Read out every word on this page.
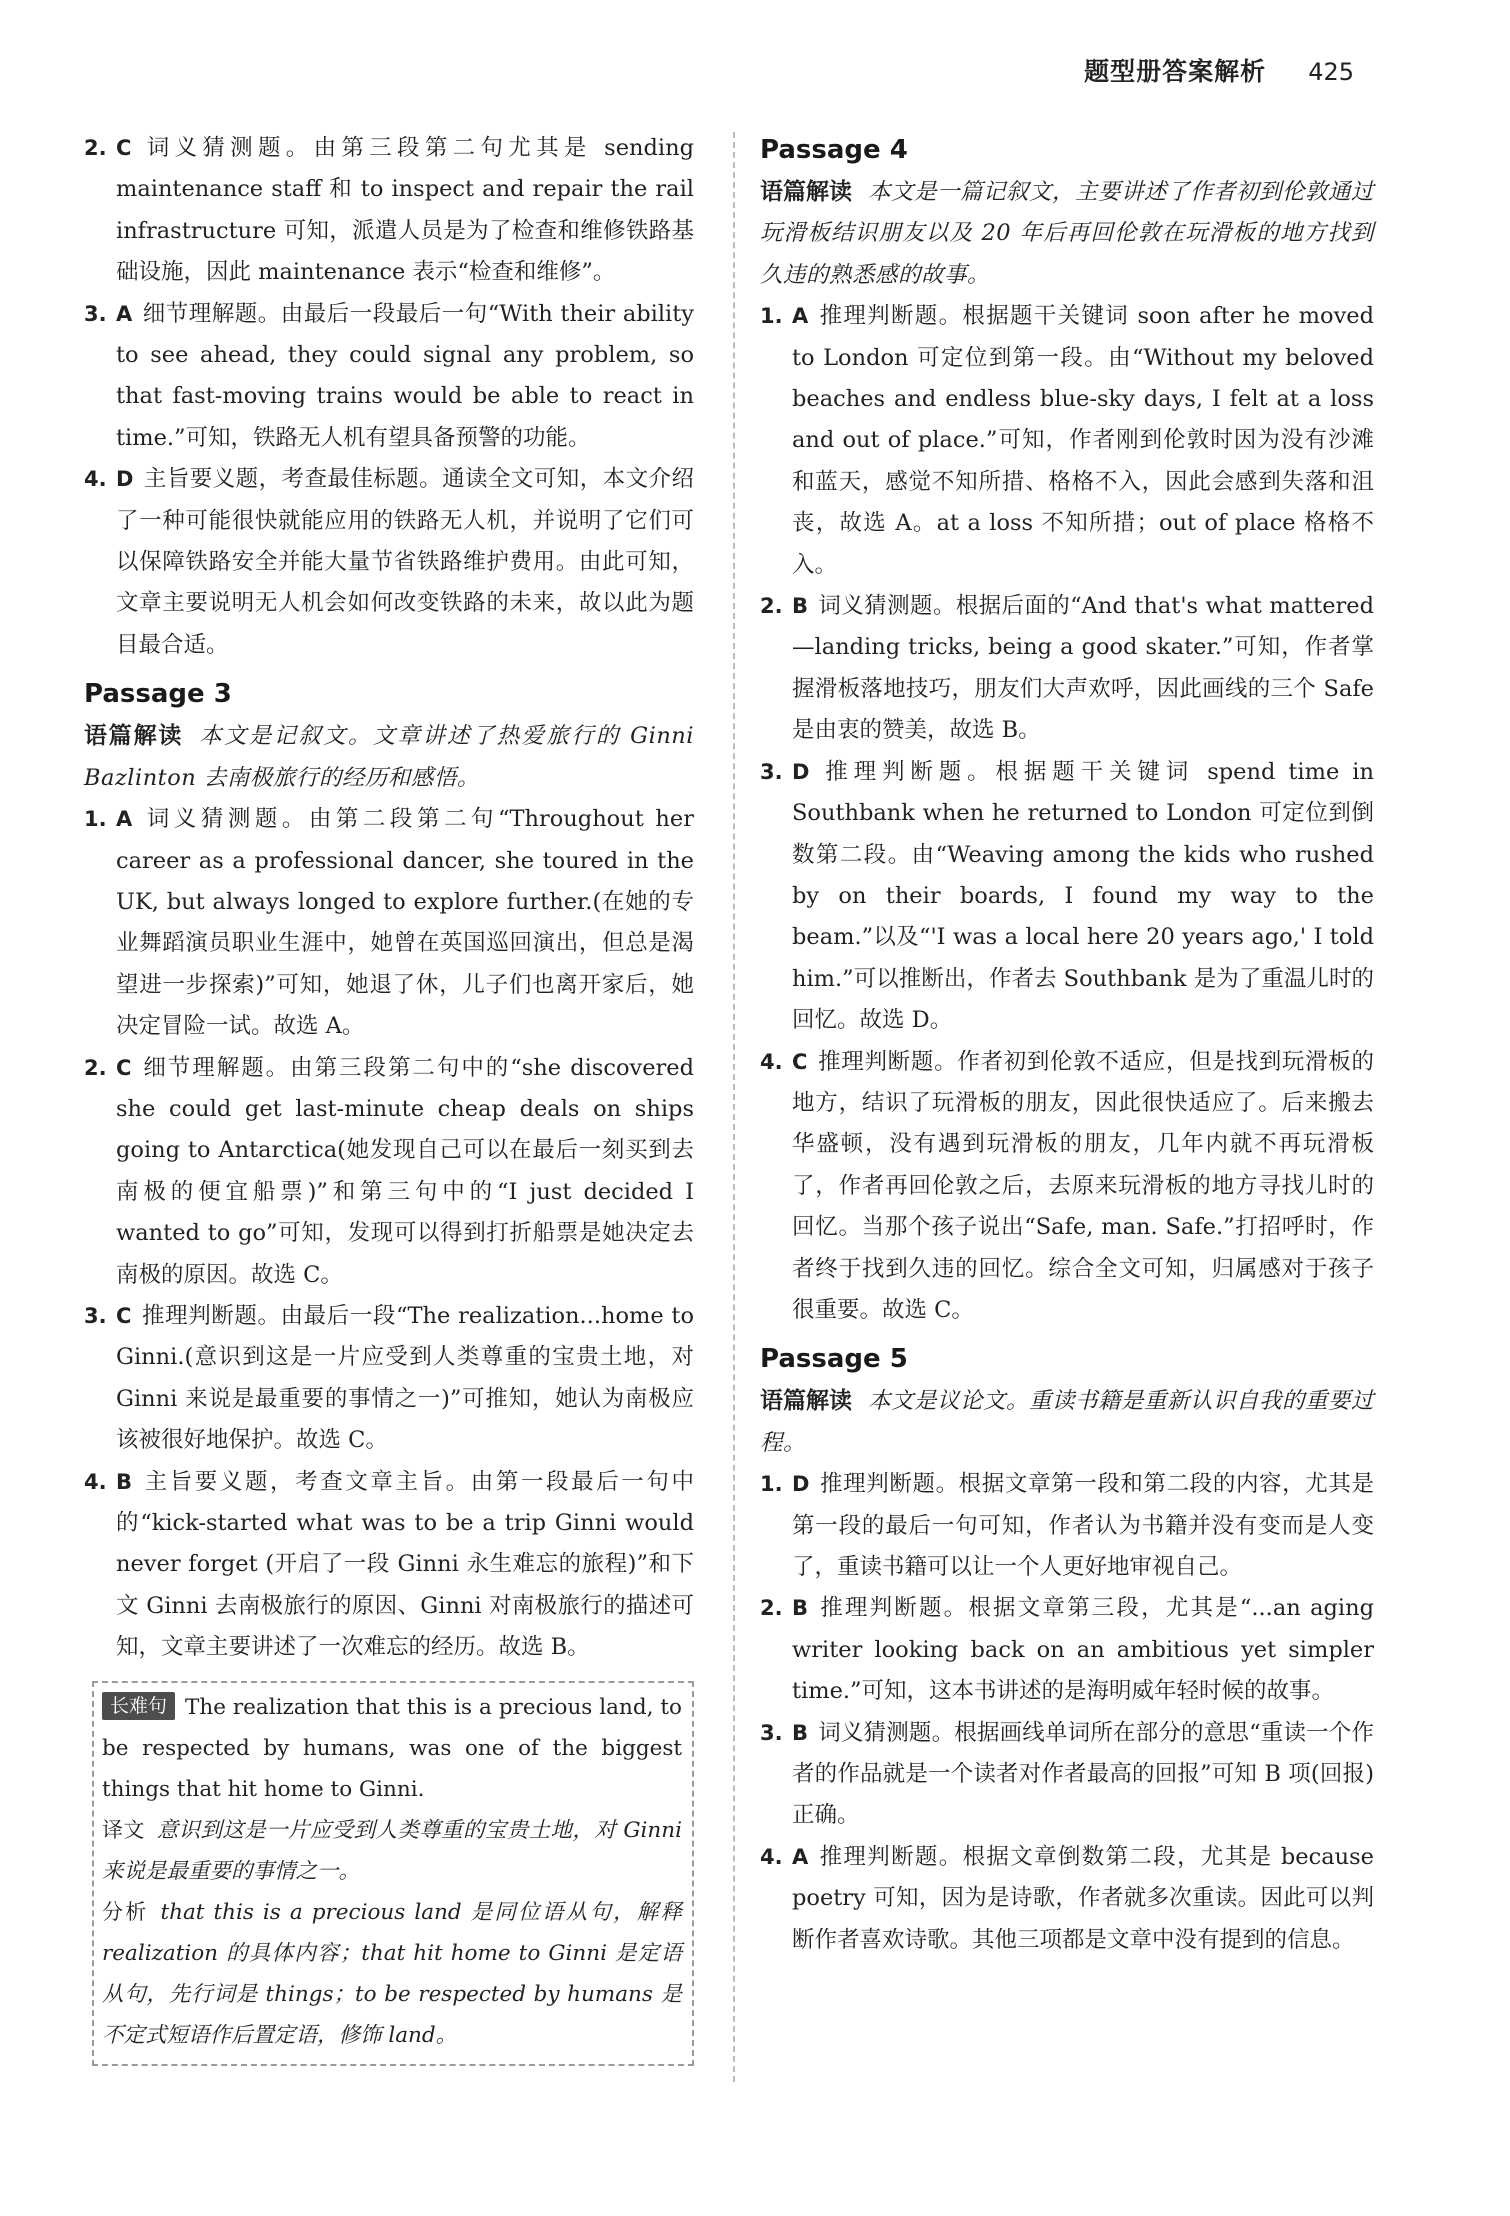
题型册答案解析 425
2. C 词义猜测题。由第三段第二句尤其是 sending maintenance staff 和 to inspect and repair the rail infrastructure 可知，派遣人员是为了检查和维修铁路基础设施，因此 maintenance 表示“检查和维修”。
3. A 细节理解题。由最后一段最后一句“With their ability to see ahead, they could signal any problem, so that fast-moving trains would be able to react in time.”可知，铁路无人机有望具备预警的功能。
4. D 主旨要义题，考查最佳标题。通读全文可知，本文介绍了一种可能很快就能应用的铁路无人机，并说明了它们可以保障铁路安全并能大量节省铁路维护费用。由此可知，文章主要说明无人机会如何改变铁路的未来，故以此为题目最合适。
Passage 3
语篇解读 本文是记叙文。文章讲述了热爱旅行的 Ginni Bazlinton 去南极旅行的经历和感悟。
1. A 词义猜测题。由第二段第二句“Throughout her career as a professional dancer, she toured in the UK, but always longed to explore further.(在她的专业舞蹈演员职业生涯中，她曾在英国巡回演出，但总是渴望进一步探索)”可知，她退了休，儿子们也离开家后，她决定冒险一试。故选 A。
2. C 细节理解题。由第三段第二句中的“she discovered she could get last-minute cheap deals on ships going to Antarctica(她发现自己可以在最后一刻买到去南极的便宜船票)”和第三句中的“I just decided I wanted to go”可知，发现可以得到打折船票是她决定去南极的原因。故选 C。
3. C 推理判断题。由最后一段“The realization...home to Ginni.(意识到这是一片应受到人类尊重的宝贵土地，对 Ginni 来说是最重要的事情之一)”可推知，她认为南极应该被很好地保护。故选 C。
4. B 主旨要义题，考查文章主旨。由第一段最后一句中的“kick-started what was to be a trip Ginni would never forget (开启了一段 Ginni 永生难忘的旅程)”和下文 Ginni 去南极旅行的原因、Ginni 对南极旅行的描述可知，文章主要讲述了一次难忘的经历。故选 B。
长难句 The realization that this is a precious land, to be respected by humans, was one of the biggest things that hit home to Ginni.
译文 意识到这是一片应受到人类尊重的宝贵土地，对 Ginni 来说是最重要的事情之一。
分析 that this is a precious land 是同位语从句，解释 realization 的具体内容；that hit home to Ginni 是定语从句，先行词是 things；to be respected by humans 是不定式短语作后置定语，修饰 land。
Passage 4
语篇解读 本文是一篇记叙文，主要讲述了作者初到伦敦通过玩滑板结识朋友以及 20 年后再回伦敦在玩滑板的地方找到久违的熟悉感的故事。
1. A 推理判断题。根据题干关键词 soon after he moved to London 可定位到第一段。由“Without my beloved beaches and endless blue-sky days, I felt at a loss and out of place.”可知，作者刚到伦敦时因为没有沙滩和蓝天，感觉不知所措、格格不入，因此会感到失落和沮丧，故选 A。at a loss 不知所措；out of place 格格不入。
2. B 词义猜测题。根据后面的“And that's what mattered—landing tricks, being a good skater.”可知，作者掌握滑板落地技巧，朋友们大声欢呼，因此画线的三个 Safe 是由衷的赞美，故选 B。
3. D 推理判断题。根据题干关键词 spend time in Southbank when he returned to London 可定位到倒数第二段。由“Weaving among the kids who rushed by on their boards, I found my way to the beam.”以及“'I was a local here 20 years ago,' I told him.”可以推断出，作者去 Southbank 是为了重温儿时的回忆。故选 D。
4. C 推理判断题。作者初到伦敦不适应，但是找到玩滑板的地方，结识了玩滑板的朋友，因此很快适应了。后来搬去华盛顿，没有遇到玩滑板的朋友，几年内就不再玩滑板了，作者再回伦敦之后，去原来玩滑板的地方寻找儿时的回忆。当那个孩子说出“Safe, man. Safe.”打招呼时，作者终于找到久违的回忆。综合全文可知，归属感对于孩子很重要。故选 C。
Passage 5
语篇解读 本文是议论文。重读书籍是重新认识自我的重要过程。
1. D 推理判断题。根据文章第一段和第二段的内容，尤其是第一段的最后一句可知，作者认为书籍并没有变而是人变了，重读书籍可以让一个人更好地审视自己。
2. B 推理判断题。根据文章第三段，尤其是“...an aging writer looking back on an ambitious yet simpler time.”可知，这本书讲述的是海明威年轻时候的故事。
3. B 词义猜测题。根据画线单词所在部分的意思“重读一个作者的作品就是一个读者对作者最高的回报”可知 B 项(回报)正确。
4. A 推理判断题。根据文章倒数第二段，尤其是 because poetry 可知，因为是诗歌，作者就多次重读。因此可以判断作者喜欢诗歌。其他三项都是文章中没有提到的信息。
